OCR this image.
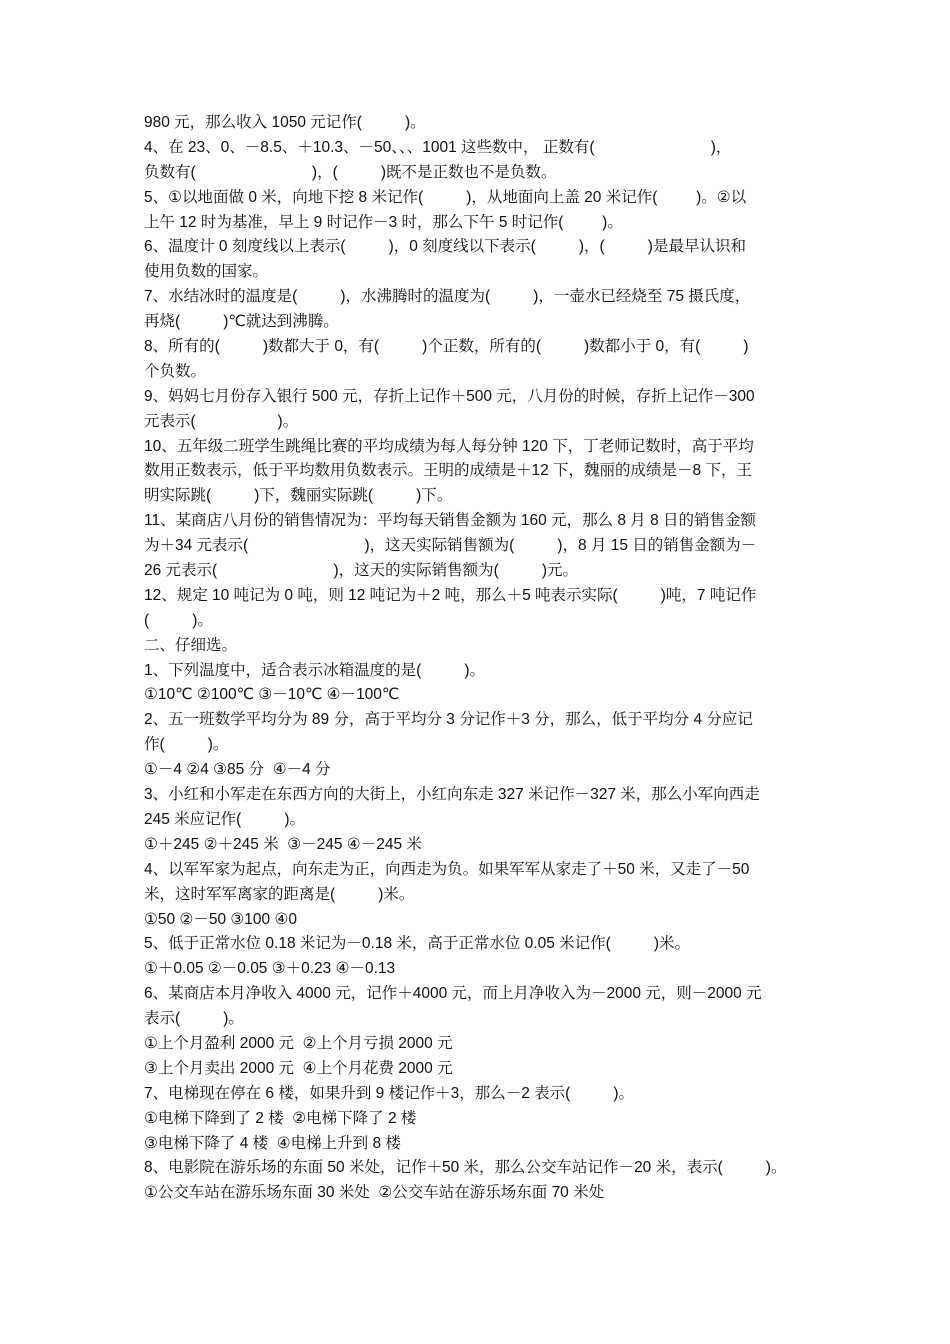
980 元，那么收入 1050 元记作(          )。
4、在 23、0、－8.5、＋10.3、－50、、、1001 这些数中， 正数有(                           )，
负数有(                           )，(          )既不是正数也不是负数。
5、①以地面做 0 米，向地下挖 8 米记作(          )，从地面向上盖 20 米记作(         )。②以
上午 12 时为基准，早上 9 时记作－3 时，那么下午 5 时记作(         )。
6、温度计 0 刻度线以上表示(          )，0 刻度线以下表示(          )，(          )是最早认识和
使用负数的国家。
7、水结冰时的温度是(          )，水沸腾时的温度为(          )，一壶水已经烧至 75 摄氏度，
再烧(          )℃就达到沸腾。
8、所有的(          )数都大于 0，有(          )个正数，所有的(          )数都小于 0，有(          )
个负数。
9、妈妈七月份存入银行 500 元，存折上记作＋500 元，八月份的时候，存折上记作－300
元表示(                   )。
10、五年级二班学生跳绳比赛的平均成绩为每人每分钟 120 下，丁老师记数时，高于平均
数用正数表示，低于平均数用负数表示。王明的成绩是＋12 下，魏丽的成绩是－8 下，王
明实际跳(          )下，魏丽实际跳(          )下。
11、某商店八月份的销售情况为：平均每天销售金额为 160 元，那么 8 月 8 日的销售金额
为＋34 元表示(                           )，这天实际销售额为(          )，8 月 15 日的销售金额为－
26 元表示(                           )，这天的实际销售额为(          )元。
12、规定 10 吨记为 0 吨，则 12 吨记为＋2 吨，那么＋5 吨表示实际(          )吨，7 吨记作
(          )。
二、仔细选。
1、下列温度中，适合表示冰箱温度的是(          )。
①10℃ ②100℃ ③－10℃ ④－100℃
2、五一班数学平均分为 89 分，高于平均分 3 分记作＋3 分，那么，低于平均分 4 分应记
作(          )。
①－4 ②4 ③85 分  ④－4 分
3、小红和小军走在东西方向的大街上，小红向东走 327 米记作－327 米，那么小军向西走
245 米应记作(          )。
①＋245 ②＋245 米  ③－245 ④－245 米
4、以军军家为起点，向东走为正，向西走为负。如果军军从家走了＋50 米，又走了－50
米，这时军军离家的距离是(          )米。
①50 ②－50 ③100 ④0
5、低于正常水位 0.18 米记为－0.18 米，高于正常水位 0.05 米记作(          )米。
①＋0.05 ②－0.05 ③＋0.23 ④－0.13
6、某商店本月净收入 4000 元，记作＋4000 元，而上月净收入为－2000 元，则－2000 元
表示(          )。
①上个月盈利 2000 元  ②上个月亏损 2000 元
③上个月卖出 2000 元  ④上个月花费 2000 元
7、电梯现在停在 6 楼，如果升到 9 楼记作＋3，那么－2 表示(          )。
①电梯下降到了 2 楼  ②电梯下降了 2 楼
③电梯下降了 4 楼  ④电梯上升到 8 楼
8、电影院在游乐场的东面 50 米处，记作＋50 米，那么公交车站记作－20 米，表示(          )。
①公交车站在游乐场东面 30 米处  ②公交车站在游乐场东面 70 米处
